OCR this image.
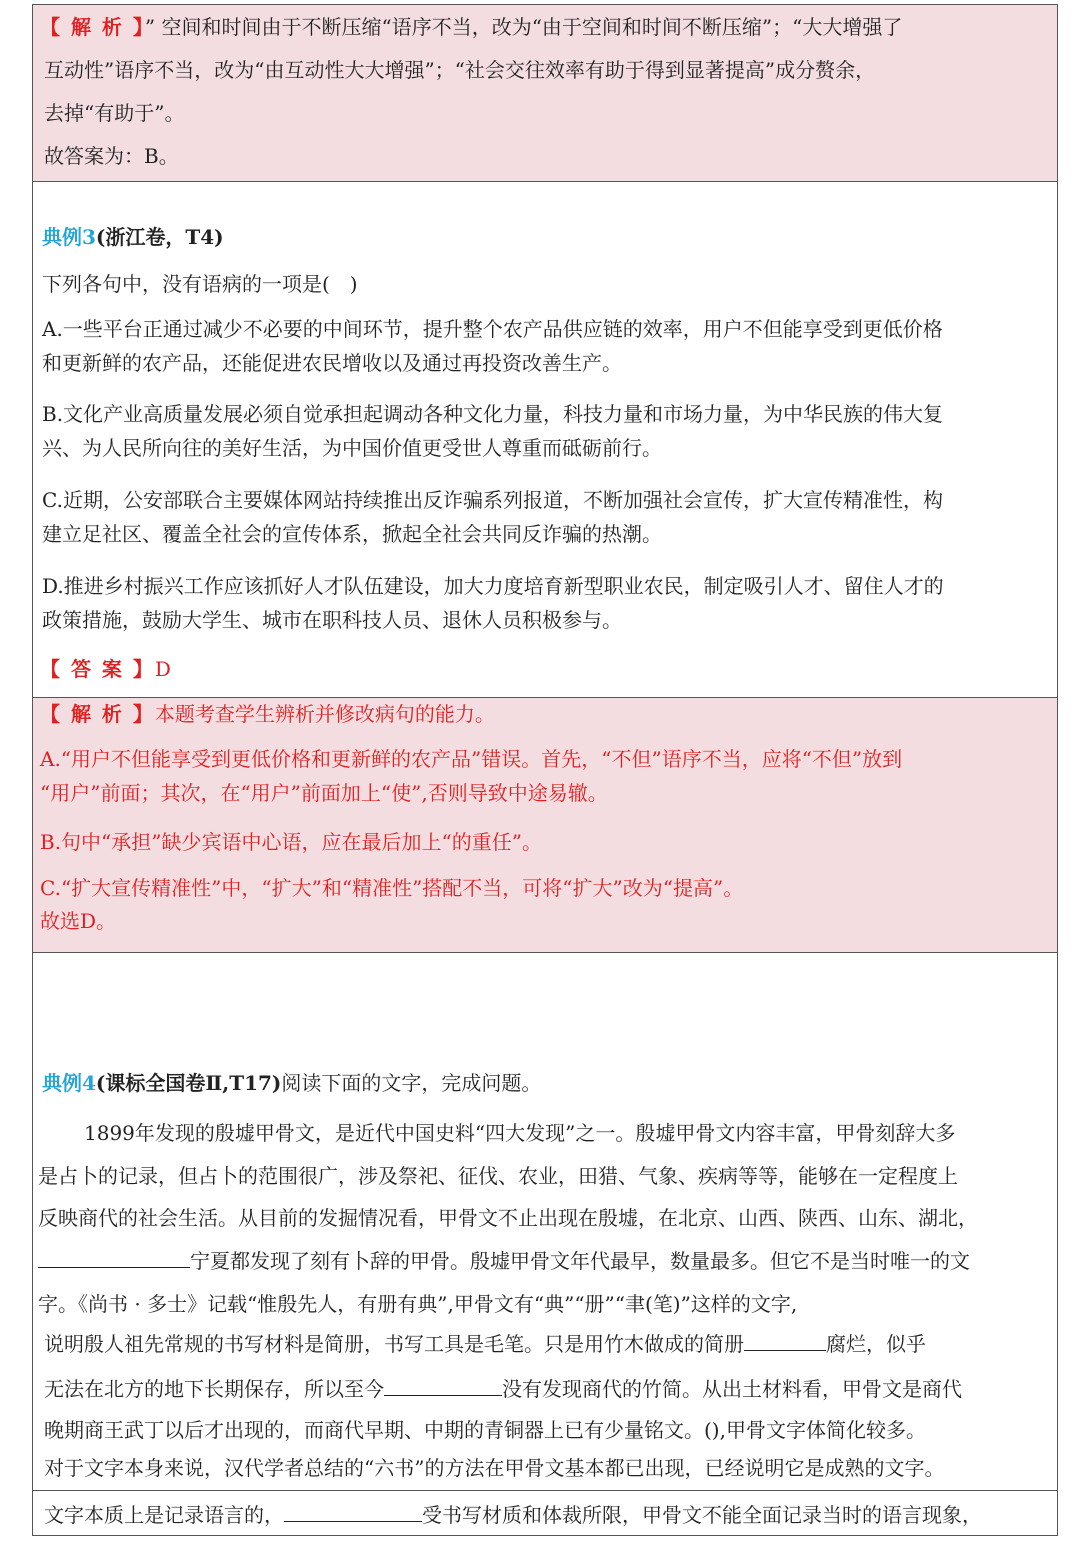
【 解 析 】” 空间和时间由于不断压缩“语序不当，改为“由于空间和时间不断压缩”；“大大增强了
互动性”语序不当，改为“由互动性大大增强”；“社会交往效率有助于得到显著提高”成分赘余，
去掉“有助于”。
故答案为：B。
典例3(浙江卷，T4)
下列各句中，没有语病的一项是(　)
A.一些平台正通过减少不必要的中间环节，提升整个农产品供应链的效率，用户不但能享受到更低价格
和更新鲜的农产品，还能促进农民增收以及通过再投资改善生产。
B.文化产业高质量发展必须自觉承担起调动各种文化力量，科技力量和市场力量，为中华民族的伟大复
兴、为人民所向往的美好生活，为中国价值更受世人尊重而砥砺前行。
C.近期，公安部联合主要媒体网站持续推出反诈骗系列报道，不断加强社会宣传，扩大宣传精准性，构
建立足社区、覆盖全社会的宣传体系，掀起全社会共同反诈骗的热潮。
D.推进乡村振兴工作应该抓好人才队伍建设，加大力度培育新型职业农民，制定吸引人才、留住人才的
政策措施，鼓励大学生、城市在职科技人员、退休人员积极参与。
【 答 案 】D
【 解 析 】本题考查学生辨析并修改病句的能力。
A.“用户不但能享受到更低价格和更新鲜的农产品”错误。首先，“不但”语序不当，应将“不但”放到
“用户”前面；其次，在“用户”前面加上“使”,否则导致中途易辙。
B.句中“承担”缺少宾语中心语，应在最后加上“的重任”。
C.“扩大宣传精准性”中，“扩大”和“精准性”搭配不当，可将“扩大”改为“提高”。
故选D。
典例4(课标全国卷Ⅱ,T17)阅读下面的文字，完成问题。
1899年发现的殷墟甲骨文，是近代中国史料“四大发现”之一。殷墟甲骨文内容丰富，甲骨刻辞大多
是占卜的记录，但占卜的范围很广，涉及祭祀、征伐、农业，田猎、气象、疾病等等，能够在一定程度上
反映商代的社会生活。从目前的发掘情况看，甲骨文不止出现在殷墟，在北京、山西、陕西、山东、湖北，
宁夏都发现了刻有卜辞的甲骨。殷墟甲骨文年代最早，数量最多。但它不是当时唯一的文
字。《尚书 · 多士》记载“惟殷先人，有册有典”,甲骨文有“典”“册”“聿(笔)”这样的文字,
说明殷人祖先常规的书写材料是简册，书写工具是毛笔。只是用竹木做成的简册	腐烂，似乎
无法在北方的地下长期保存，所以至今	没有发现商代的竹简。从出土材料看，甲骨文是商代
晚期商王武丁以后才出现的，而商代早期、中期的青铜器上已有少量铭文。(),甲骨文字体简化较多。
对于文字本身来说，汉代学者总结的“六书”的方法在甲骨文基本都已出现，已经说明它是成熟的文字。
文字本质上是记录语言的，	受书写材质和体裁所限，甲骨文不能全面记录当时的语言现象，
